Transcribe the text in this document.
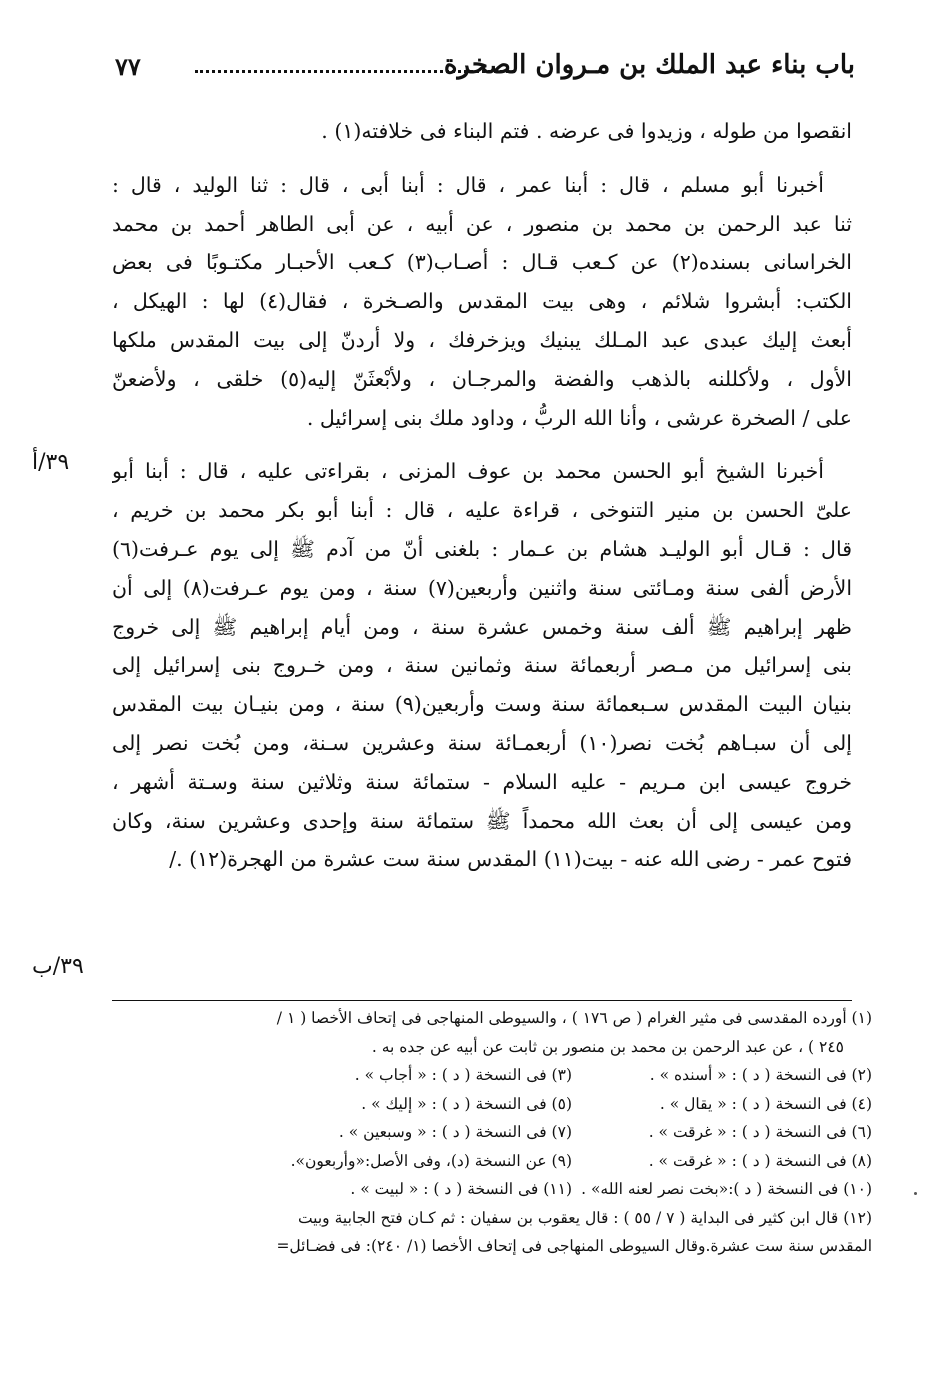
باب بناء عبد الملك بن مـروان الصخرة
٧٧
٣٩/أ
٣٩/ب
انقصوا من طوله ، وزيدوا فى عرضه . فتم البناء فى خلافته(١) .
أخبرنا أبو مسلم ، قال : أبنا عمر ، قال : أبنا أبى ، قال : ثنا الوليد ، قال :
ثنا عبد الرحمن بن محمد بن منصور ، عن أبيه ، عن أبى الطاهر أحمد بن محمد
الخراسانى بسنده(٢) عن كـعب قـال : أصـاب(٣) كـعب الأحبـار مكتـوبًا فى بعض
الكتب: أبشروا شلائم ، وهى بيت المقدس والصـخرة ، فقال(٤) لها : الهيكل ،
أبعث إليك عبدى عبد المـلك يبنيك ويزخرفك ، ولا أردنّ إلى بيت المقدس ملكها
الأول ، ولأكللنه بالذهب والفضة والمرجـان ، ولأبْعثَنّ إليه(٥) خلقى ، ولأضعنّ
على / الصخرة عرشى ، وأنا الله الربُّ ، وداود ملك بنى إسرائيل .
أخبرنا الشيخ أبو الحسن محمد بن عوف المزنى ، بقراءتى عليه ، قال : أبنا أبو
علىّ الحسن بن منير التنوخى ، قراءة عليه ، قال : أبنا أبو بكر محمد بن خريم ،
قال : قـال أبو الوليـد هشام بن عـمار : بلغنى أنّ من آدم ﷺ إلى يوم عـرفت(٦)
الأرض ألفى سنة ومـائتى سنة واثنين وأربعين(٧) سنة ، ومن يوم عـرفت(٨) إلى أن
ظهر إبراهيم ﷺ ألف سنة وخمس عشرة سنة ، ومن أيام إبراهيم ﷺ إلى خروج
بنى إسرائيل من مـصر أربعمائة سنة وثمانين سنة ، ومن خـروج بنى إسرائيل إلى
بنيان البيت المقدس سـبعمائة سنة وست وأربعين(٩) سنة ، ومن بنيـان بيت المقدس
إلى أن سبـاهم بُخت نصر(١٠) أربعمـائة سنة وعشرين سـنة، ومن بُخت نصر إلى
خروج عيسى ابن مـريم - عليه السلام - ستمائة سنة وثلاثين سنة وسـتة أشهر ،
ومن عيسى إلى أن بعث الله محمداً ﷺ ستمائة سنة وإحدى وعشرين سنة، وكان
فتوح عمر - رضى الله عنه - بيت(١١) المقدس سنة ست عشرة من الهجرة(١٢) ./
(١) أورده المقدسى فى مثير الغرام ( ص ١٧٦ ) ، والسيوطى المنهاجى فى إتحاف الأخصا ( ١ /
٢٤٥ ) ، عن عبد الرحمن بن محمد بن منصور بن ثابت عن أبيه عن جده به .
(٢) فى النسخة ( د ) : « أسنده » .
(٣) فى النسخة ( د ) : « أجاب » .
(٤) فى النسخة ( د ) : « يقال » .
(٥) فى النسخة ( د ) : « إليك » .
(٦) فى النسخة ( د ) : « غرقت » .
(٧) فى النسخة ( د ) : « وسبعين » .
(٨) فى النسخة ( د ) : « غرقت » .
(٩) عن النسخة (د)، وفى الأصل:«وأربعون».
(١٠) فى النسخة ( د ):«بخت نصر لعنه الله» .
(١١) فى النسخة ( د ) : « لبيت » .
(١٢) قال ابن كثير فى البداية ( ٧ / ٥٥ ) : قال يعقوب بن سفيان : ثم كـان فتح الجابية وبيت
المقدس سنة ست عشرة.وقال السيوطى المنهاجى فى إتحاف الأخصا (١/ ٢٤٠): فى فضـائل=
